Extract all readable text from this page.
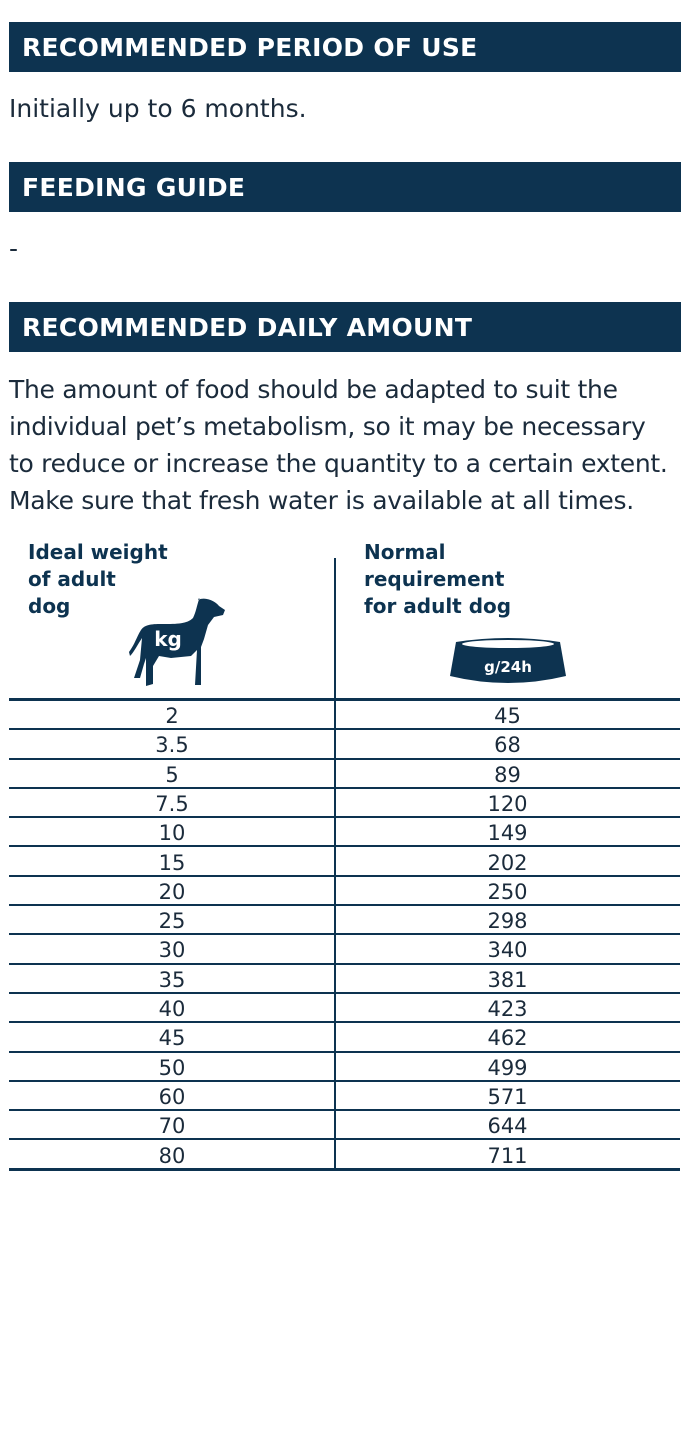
RECOMMENDED PERIOD OF USE
Initially up to 6 months.
FEEDING GUIDE
-
RECOMMENDED DAILY AMOUNT
The amount of food should be adapted to suit the individual pet’s metabolism, so it may be necessary to reduce or increase the quantity to a certain extent. Make sure that fresh water is available at all times.
Ideal weight
of adult
dog
kg
Normal
requirement
for adult dog
g/24h
2	45
3.5	68
5	89
7.5	120
10	149
15	202
20	250
25	298
30	340
35	381
40	423
45	462
50	499
60	571
70	644
80	711
